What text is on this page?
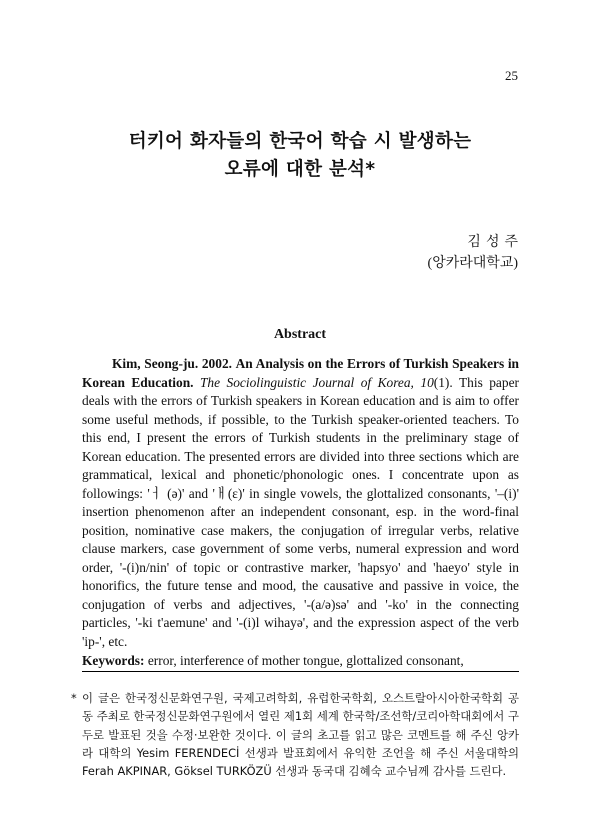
25
터키어 화자들의 한국어 학습 시 발생하는
오류에 대한 분석*
김성주
(앙카라대학교)
Abstract

Kim, Seong-ju. 2002. An Analysis on the Errors of Turkish Speakers in Korean Education. The Sociolinguistic Journal of Korea, 10(1). This paper deals with the errors of Turkish speakers in Korean education and is aim to offer some useful methods, if possible, to the Turkish speaker-oriented teachers. To this end, I present the errors of Turkish students in the preliminary stage of Korean education. The presented errors are divided into three sections which are grammatical, lexical and phonetic/phonologic ones. I concentrate upon as followings: 'ㅓ (ə)' and 'ㅐ(ɛ)' in single vowels, the glottalized consonants, '–(i)' insertion phenomenon after an independent consonant, esp. in the word-final position, nominative case makers, the conjugation of irregular verbs, relative clause markers, case government of some verbs, numeral expression and word order, '-(i)n/nin' of topic or contrastive marker, 'hapsyo' and 'haeyo' style in honorifics, the future tense and mood, the causative and passive in voice, the conjugation of verbs and adjectives, '-(a/ə)sə' and '-ko' in the connecting particles, '-ki t'aemune' and '-(i)l wihayə', and the expression aspect of the verb 'ip-', etc.

Keywords: error, interference of mother tongue, glottalized consonant,
* 이 글은 한국정신문화연구원, 국제고려학회, 유럽한국학회, 오스트랄아시아한국학회 공동 주최로 한국정신문화연구원에서 열린 제1회 세계 한국학/조선학/코리아학대회에서 구두로 발표된 것을 수정·보완한 것이다. 이 글의 초고를 읽고 많은 코멘트를 해 주신 앙카라 대학의 Yesim FERENDECİ 선생과 발표회에서 유익한 조언을 해 주신 서울대학의 Ferah AKPINAR, Göksel TURKÖZÜ 선생과 동국대 김혜숙 교수님께 감사를 드린다.
